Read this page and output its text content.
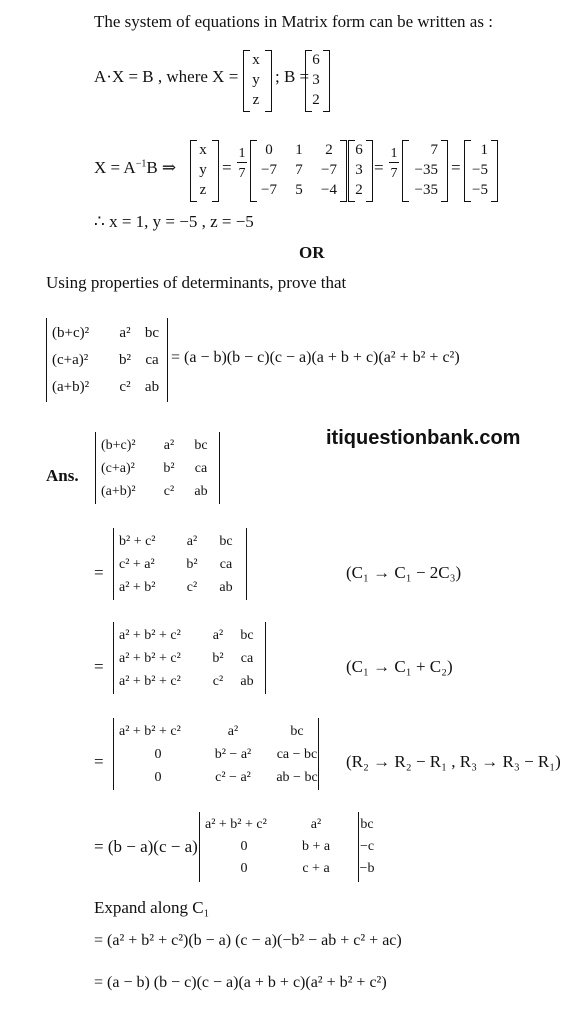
The system of equations in Matrix form can be written as :
A·X = B , where X =
x
y
z
; B =
6
3
2
$X = A^{-1}B$ ⇒
x
y
z
=
1
7
0	1	2
−7	7	−7
−7	5	−4
6
3
2
=
1
7
7
−35
−35
=
1
−5
−5
∴ x = 1, y = −5 , z = −5
OR
Using properties of determinants, prove that
(b+c)²	a² bc
(c+a)²	b² ca
(a+b)²	c² ab
= (a − b)(b − c)(c − a)(a + b + c)(a² + b² + c²)
itiquestionbank.com
Ans.
(b+c)²	a²	bc
(c+a)²	b²	ca
(a+b)²	c²	ab
=
b² + c²	a²	bc
c² + a²	b²	ca
a² + b²	c²	ab
(C₁ → C₁ − 2C₃)
=
a² + b² + c²	a²	bc
a² + b² + c²	b²	ca
a² + b² + c²	c²	ab
(C₁ → C₁ + C₂)
=
a² + b² + c²	a²	bc
0	b² − a²	ca − bc
0	c² − a²	ab − bc
(R₂ → R₂ − R₁ , R₃ → R₃ − R₁)
= (b − a)(c − a)
a² + b² + c²	a²	bc
0	b + a	−c
0	c + a	−b
Expand along C₁
= (a² + b² + c²)(b − a) (c − a)(−b² − ab + c² + ac)
= (a − b) (b − c)(c − a)(a + b + c)(a² + b² + c²)
